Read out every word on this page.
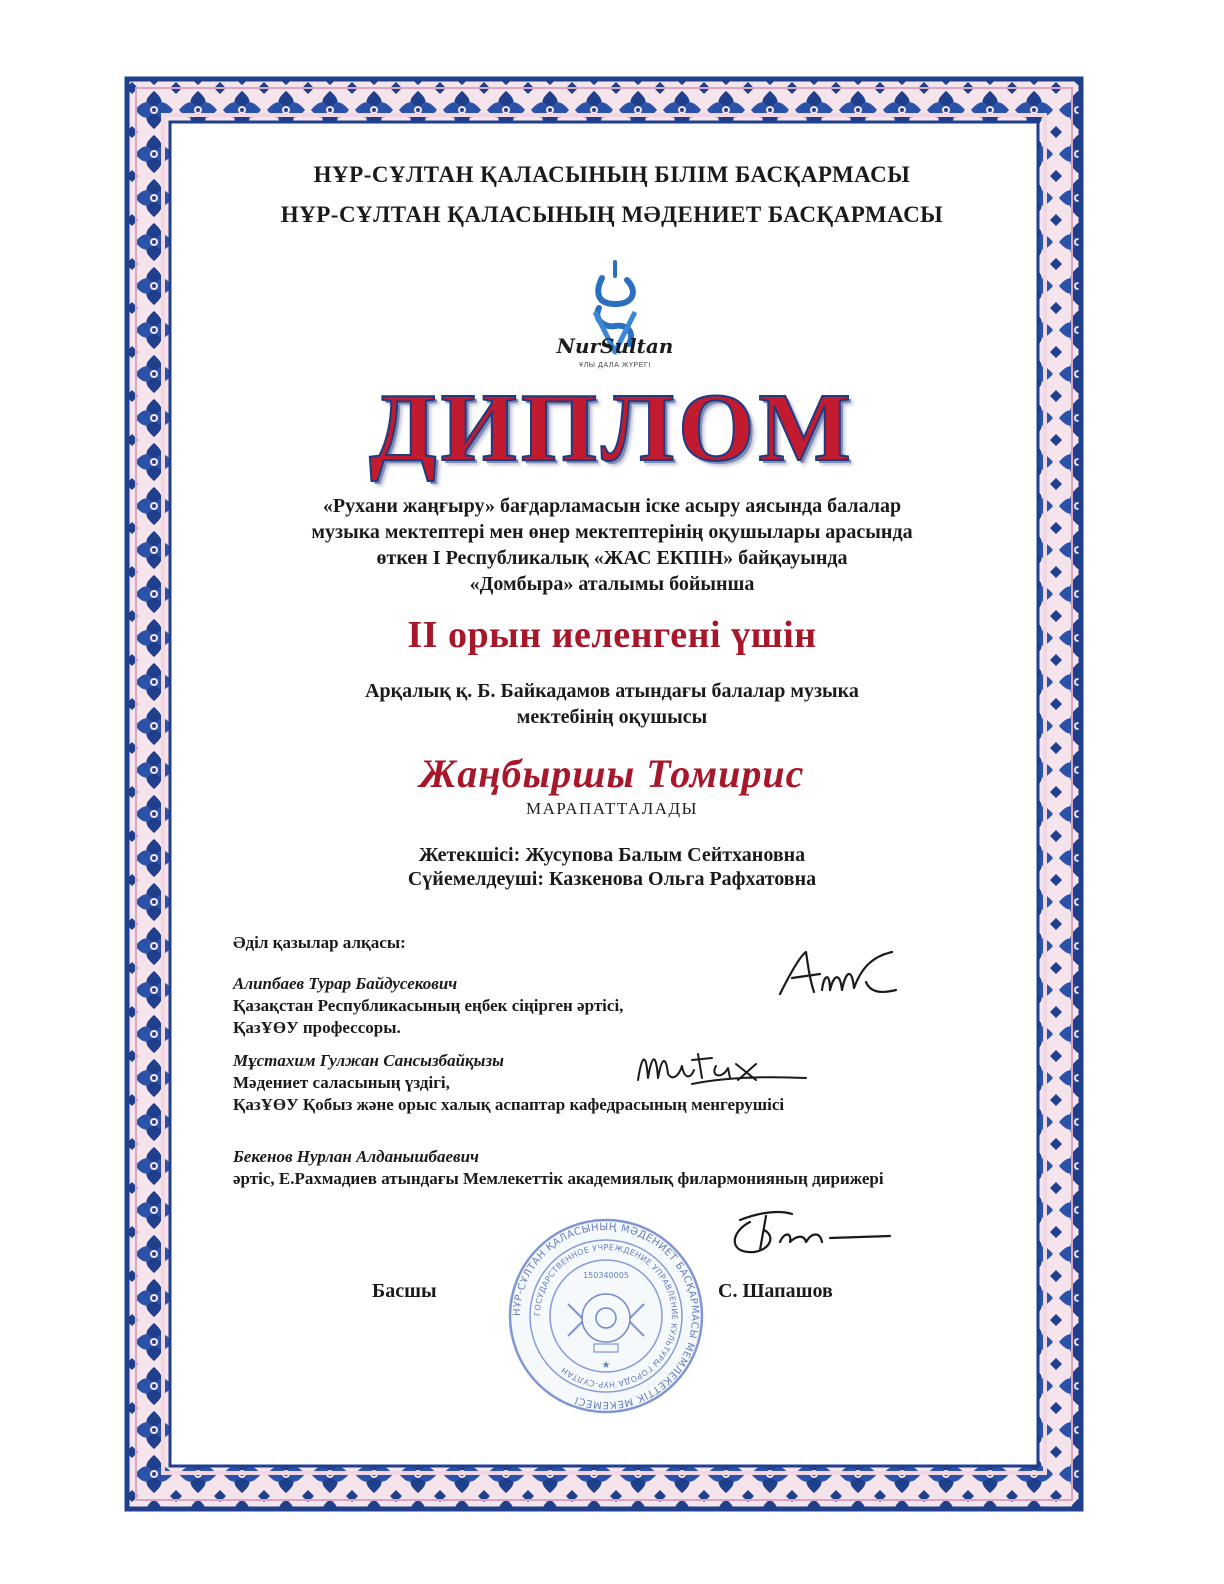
НҰР-СҰЛТАН ҚАЛАСЫНЫҢ БІЛІМ БАСҚАРМАСЫ
НҰР-СҰЛТАН ҚАЛАСЫНЫҢ МӘДЕНИЕТ БАСҚАРМАСЫ
NurSultan
ҰЛЫ ДАЛА ЖҮРЕГІ
ДИПЛОМ
«Рухани жаңғыру» бағдарламасын іске асыру аясында балалар
музыка мектептері мен өнер мектептерінің оқушылары арасында
өткен І Республикалық «ЖАС ЕКПІН» байқауында
«Домбыра» аталымы бойынша
ІІ орын иеленгені үшін
Арқалық қ. Б. Байкадамов атындағы балалар музыка
мектебінің оқушысы
Жаңбыршы Томирис
МАРАПАТТАЛАДЫ
Жетекшісі: Жусупова Балым Сейтхановна
Сүйемелдеуші: Казкенова Ольга Рафхатовна
Әділ қазылар алқасы:
Алипбаев Турар Байдусекович
Қазақстан Республикасының еңбек сіңірген әртісі,
ҚазҰӨУ профессоры.
Мұстахим Гулжан Сансызбайқызы
Мәдениет саласының үздігі,
ҚазҰӨУ Қобыз және орыс халық аспаптар кафедрасының менгерушісі
Бекенов Нурлан Алданышбаевич
әртіс, Е.Рахмадиев атындағы Мемлекеттік академиялық филармонияның дирижері
НҰР-СҰЛТАН ҚАЛАСЫНЫҢ МӘДЕНИЕТ БАСҚАРМАСЫ МЕМЛЕКЕТТІК МЕКЕМЕСІ
ГОСУДАРСТВЕННОЕ УЧРЕЖДЕНИЕ УПРАВЛЕНИЕ КУЛЬТУРЫ ГОРОДА НУР-СУЛТАН
150340005
★
Басшы	С. Шапашов
